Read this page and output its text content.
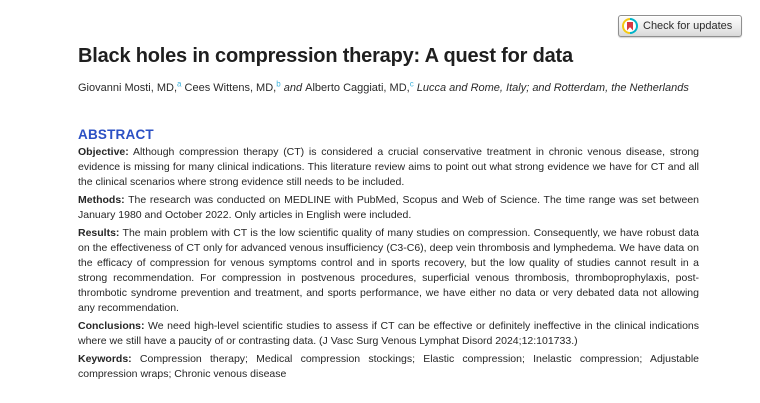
Check for updates
Black holes in compression therapy: A quest for data
Giovanni Mosti, MD,$^a$ Cees Wittens, MD,$^b$ and Alberto Caggiati, MD,$^c$ Lucca and Rome, Italy; and Rotterdam, the Netherlands
ABSTRACT

Objective: Although compression therapy (CT) is considered a crucial conservative treatment in chronic venous disease, strong evidence is missing for many clinical indications. This literature review aims to point out what strong evidence we have for CT and all the clinical scenarios where strong evidence still needs to be included.

Methods: The research was conducted on MEDLINE with PubMed, Scopus and Web of Science. The time range was set between January 1980 and October 2022. Only articles in English were included.

Results: The main problem with CT is the low scientific quality of many studies on compression. Consequently, we have robust data on the effectiveness of CT only for advanced venous insufficiency (C3-C6), deep vein thrombosis and lymphedema. We have data on the efficacy of compression for venous symptoms control and in sports recovery, but the low quality of studies cannot result in a strong recommendation. For compression in postvenous procedures, superficial venous thrombosis, thromboprophylaxis, post-thrombotic syndrome prevention and treatment, and sports performance, we have either no data or very debated data not allowing any recommendation.

Conclusions: We need high-level scientific studies to assess if CT can be effective or definitely ineffective in the clinical indications where we still have a paucity of or contrasting data. (J Vasc Surg Venous Lymphat Disord 2024;12:101733.)

Keywords: Compression therapy; Medical compression stockings; Elastic compression; Inelastic compression; Adjustable compression wraps; Chronic venous disease
